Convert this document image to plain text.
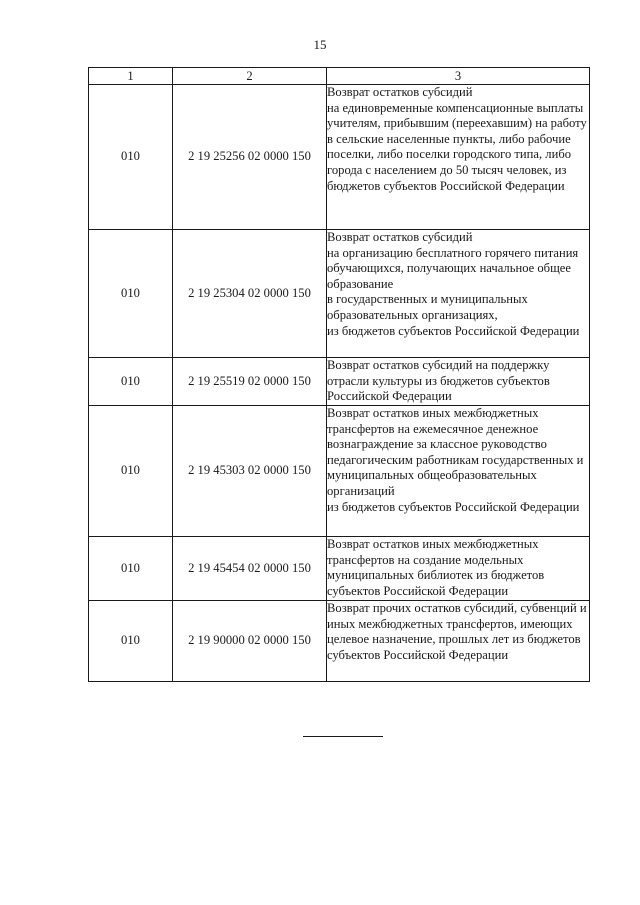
15
1	2	3
010	2 19 25256 02 0000 150	Возврат остатков субсидий
на единовременные компенсационные выплаты учителям, прибывшим (переехавшим) на работу в сельские населенные пункты, либо рабочие поселки, либо поселки городского типа, либо города с населением до 50 тысяч человек, из бюджетов субъектов Российской Федерации
010	2 19 25304 02 0000 150	Возврат остатков субсидий
на организацию бесплатного горячего питания обучающихся, получающих начальное общее образование
в государственных и муниципальных образовательных организациях,
из бюджетов субъектов Российской Федерации
010	2 19 25519 02 0000 150	Возврат остатков субсидий на поддержку отрасли культуры из бюджетов субъектов Российской Федерации
010	2 19 45303 02 0000 150	Возврат остатков иных межбюджетных трансфертов на ежемесячное денежное вознаграждение за классное руководство педагогическим работникам государственных и муниципальных общеобразовательных организаций
из бюджетов субъектов Российской Федерации
010	2 19 45454 02 0000 150	Возврат остатков иных межбюджетных трансфертов на создание модельных муниципальных библиотек из бюджетов субъектов Российской Федерации
010	2 19 90000 02 0000 150	Возврат прочих остатков субсидий, субвенций и иных межбюджетных трансфертов, имеющих целевое назначение, прошлых лет из бюджетов субъектов Российской Федерации
